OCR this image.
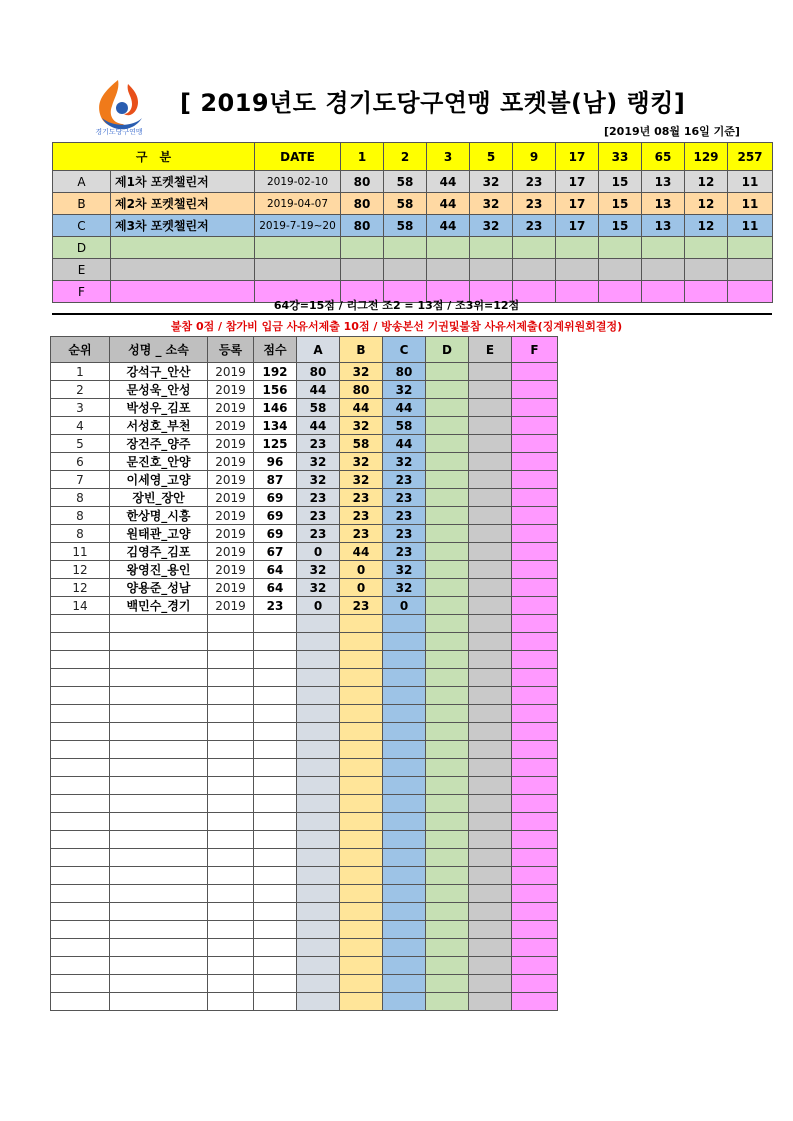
경기도당구연맹
[ 2019년도 경기도당구연맹 포켓볼(남) 랭킹]
[2019년 08월 16일 기준]
구　분		DATE	1	2	3	5	9	17	33	65	129	257
A	제1차 포켓챌린저	2019-02-10	80	58	44	32	23	17	15	13	12	11
B	제2차 포켓챌린저	2019-04-07	80	58	44	32	23	17	15	13	12	11
C	제3차 포켓챌린저	2019-7-19~20	80	58	44	32	23	17	15	13	12	11
D												
E												
F												
64강=15점 / 리그전 조2 = 13점 / 조3위=12점
불참 0점 / 참가비 입금 사유서제출 10점 / 방송본선 기권및불참 사유서제출(징계위원회결정)
순위	성명 _ 소속	등록	점수	A	B	C	D	E	F
1	강석구_안산	2019	192	80	32	80			
2	문성욱_안성	2019	156	44	80	32			
3	박성우_김포	2019	146	58	44	44			
4	서성호_부천	2019	134	44	32	58			
5	장건주_양주	2019	125	23	58	44			
6	문진호_안양	2019	96	32	32	32			
7	이세영_고양	2019	87	32	32	23			
8	장빈_장안	2019	69	23	23	23			
8	한상명_시흥	2019	69	23	23	23			
8	원태관_고양	2019	69	23	23	23			
11	김영주_김포	2019	67	0	44	23			
12	왕영진_용인	2019	64	32	0	32			
12	양용준_성남	2019	64	32	0	32			
14	백민수_경기	2019	23	0	23	0			
